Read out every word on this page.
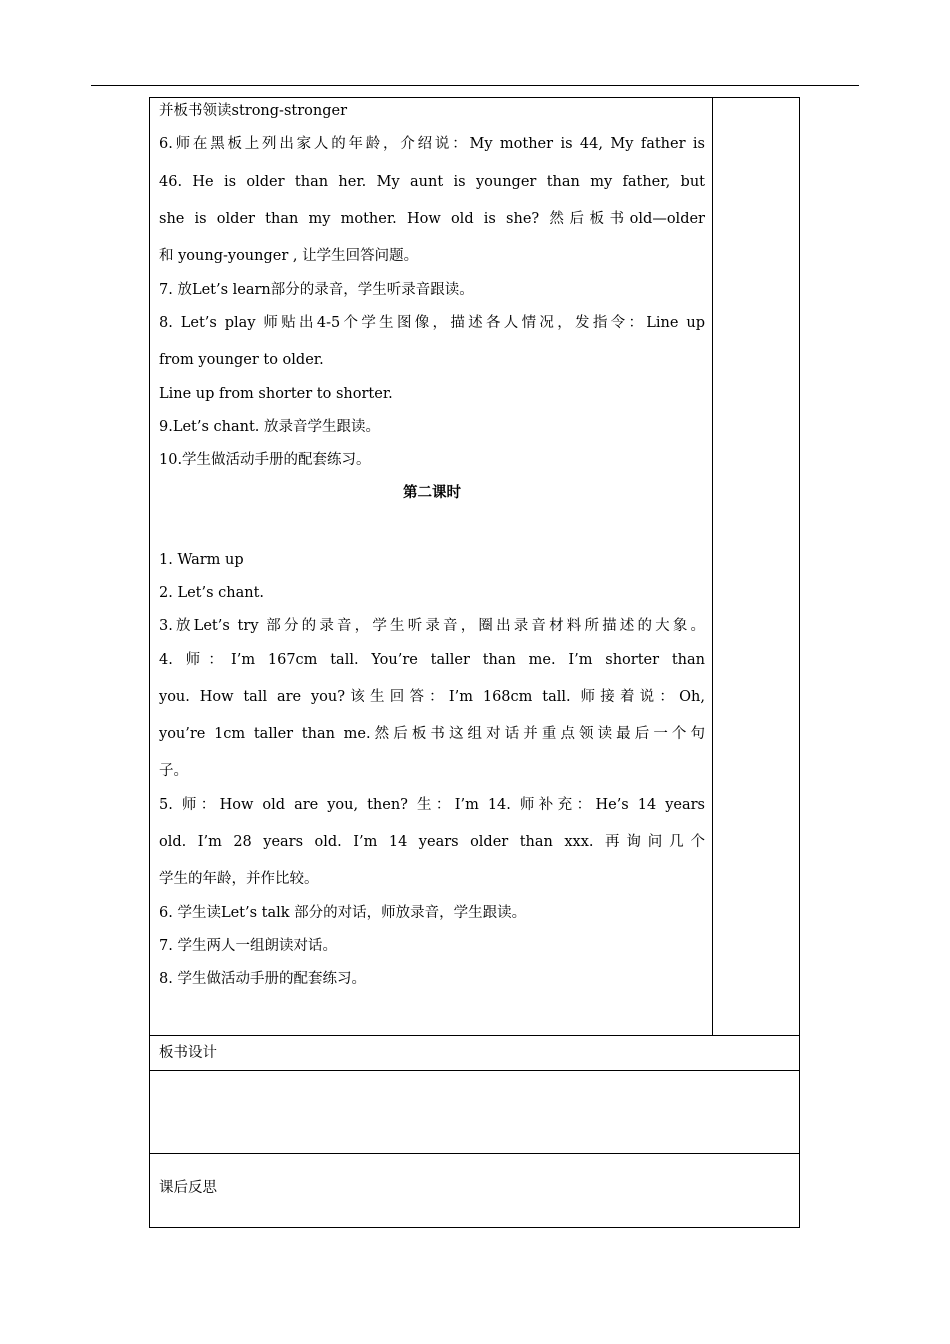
第二课时
并板书领读strong-stronger
6.师在黑板上列出家人的年龄，介绍说：My mother is 44, My father is
46. He is older than her. My aunt is younger than my father, but
she is older than my mother. How old is she? 然后板书old—older
和 young-younger , 让学生回答问题。
7. 放Let’s learn部分的录音，学生听录音跟读。
8. Let’s play 师贴出4-5个学生图像，描述各人情况，发指令：Line up
from younger to older.
Line up from shorter to shorter.
9.Let’s chant. 放录音学生跟读。
10.学生做活动手册的配套练习。
1. Warm up
2. Let’s chant.
3.放Let’s try 部分的录音，学生听录音，圈出录音材料所描述的大象。
4. 师：I’m 167cm tall. You’re taller than me. I’m shorter than
you. How tall are you?该生回答：I’m 168cm tall. 师接着说：Oh,
you’re 1cm taller than me.然后板书这组对话并重点领读最后一个句
子。
5. 师：How old are you, then? 生：I’m 14. 师补充：He’s 14 years
old. I’m 28 years old. I’m 14 years older than xxx. 再询问几个
学生的年龄，并作比较。
6. 学生读Let’s talk 部分的对话，师放录音，学生跟读。
7. 学生两人一组朗读对话。
8. 学生做活动手册的配套练习。
板书设计
课后反思
